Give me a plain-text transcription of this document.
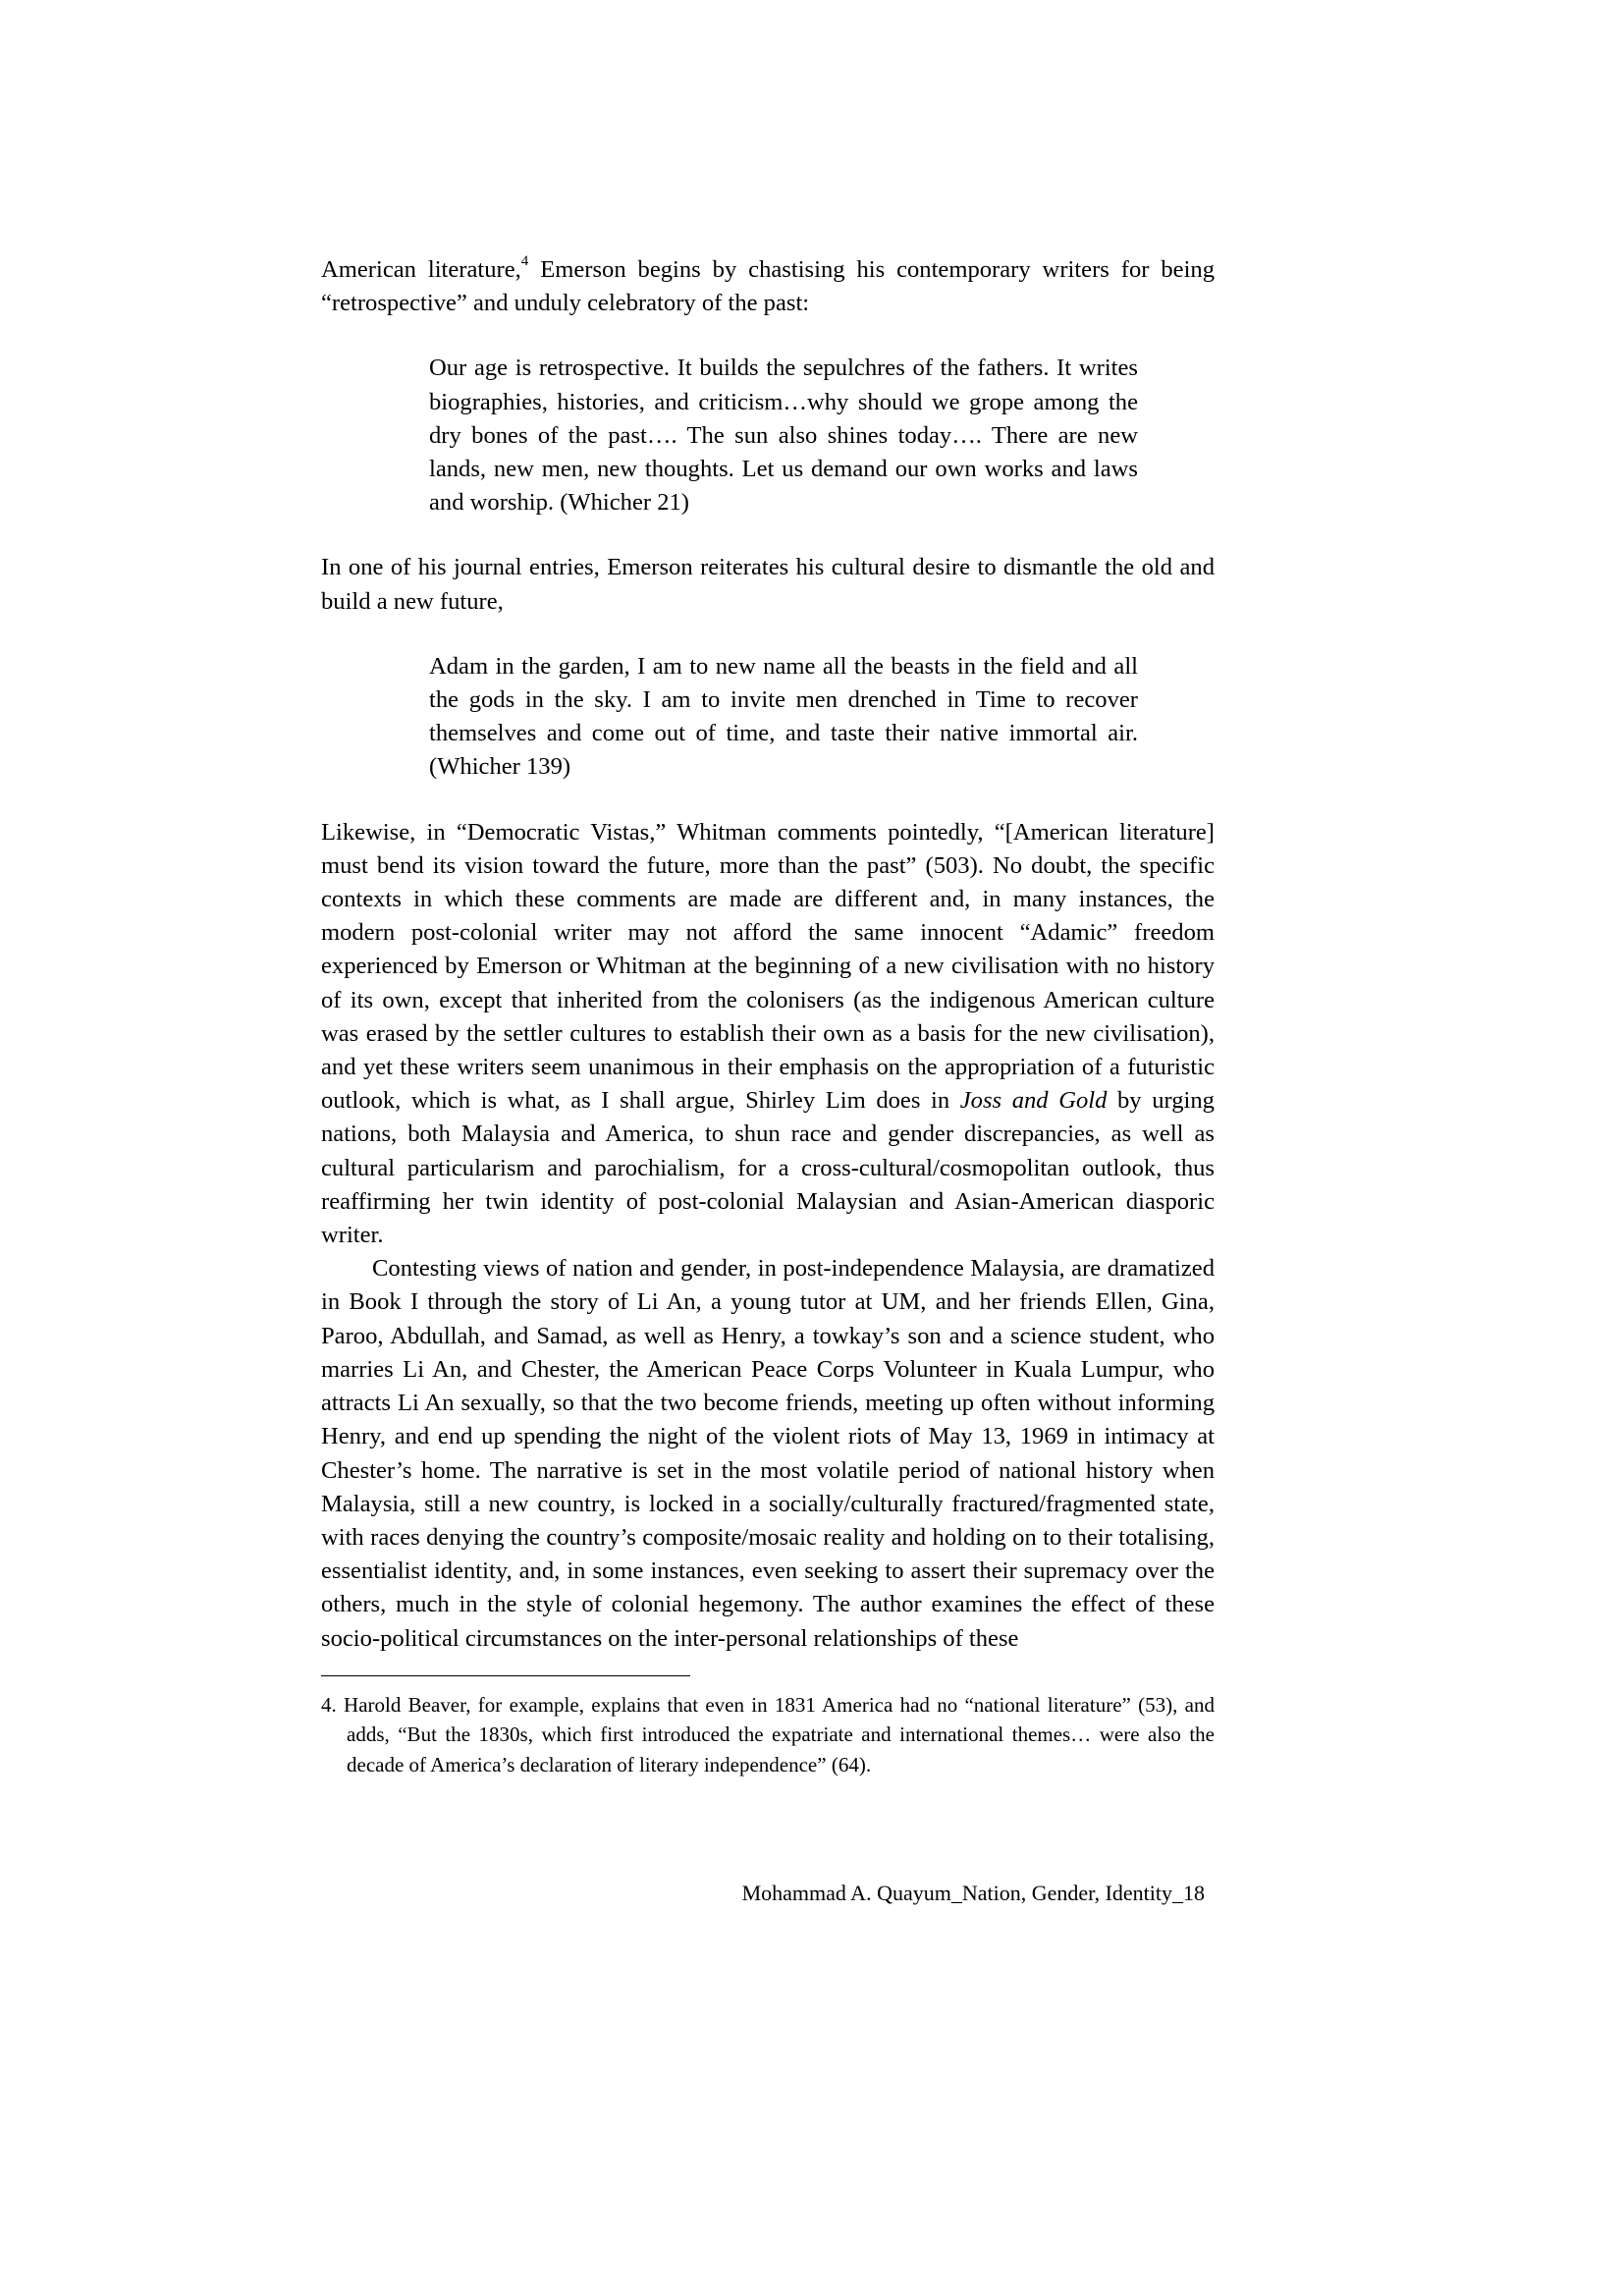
American literature,$^4$ Emerson begins by chastising his contemporary writers for being “retrospective” and unduly celebratory of the past:

Our age is retrospective. It builds the sepulchres of the fathers. It writes biographies, histories, and criticism…why should we grope among the dry bones of the past…. The sun also shines today…. There are new lands, new men, new thoughts. Let us demand our own works and laws and worship. (Whicher 21)

In one of his journal entries, Emerson reiterates his cultural desire to dismantle the old and build a new future,

Adam in the garden, I am to new name all the beasts in the field and all the gods in the sky. I am to invite men drenched in Time to recover themselves and come out of time, and taste their native immortal air. (Whicher 139)

Likewise, in “Democratic Vistas,” Whitman comments pointedly, “[American literature] must bend its vision toward the future, more than the past” (503). No doubt, the specific contexts in which these comments are made are different and, in many instances, the modern post-colonial writer may not afford the same innocent “Adamic” freedom experienced by Emerson or Whitman at the beginning of a new civilisation with no history of its own, except that inherited from the colonisers (as the indigenous American culture was erased by the settler cultures to establish their own as a basis for the new civilisation), and yet these writers seem unanimous in their emphasis on the appropriation of a futuristic outlook, which is what, as I shall argue, Shirley Lim does in Joss and Gold by urging nations, both Malaysia and America, to shun race and gender discrepancies, as well as cultural particularism and parochialism, for a cross-cultural/cosmopolitan outlook, thus reaffirming her twin identity of post-colonial Malaysian and Asian-American diasporic writer.

Contesting views of nation and gender, in post-independence Malaysia, are dramatized in Book I through the story of Li An, a young tutor at UM, and her friends Ellen, Gina, Paroo, Abdullah, and Samad, as well as Henry, a towkay’s son and a science student, who marries Li An, and Chester, the American Peace Corps Volunteer in Kuala Lumpur, who attracts Li An sexually, so that the two become friends, meeting up often without informing Henry, and end up spending the night of the violent riots of May 13, 1969 in intimacy at Chester’s home. The narrative is set in the most volatile period of national history when Malaysia, still a new country, is locked in a socially/culturally fractured/fragmented state, with races denying the country’s composite/mosaic reality and holding on to their totalising, essentialist identity, and, in some instances, even seeking to assert their supremacy over the others, much in the style of colonial hegemony. The author examines the effect of these socio-political circumstances on the inter-personal relationships of these

4. Harold Beaver, for example, explains that even in 1831 America had no “national literature” (53), and adds, “But the 1830s, which first introduced the expatriate and international themes… were also the decade of America’s declaration of literary independence” (64).

Mohammad A. Quayum_Nation, Gender, Identity_18
